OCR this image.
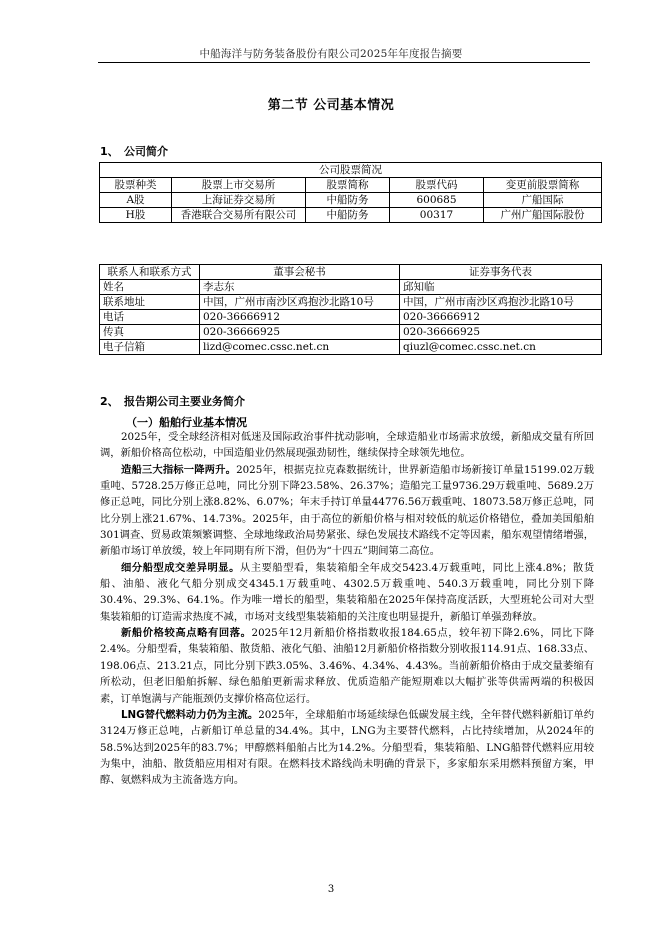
中船海洋与防务装备股份有限公司2025年年度报告摘要
第二节 公司基本情况
1、 公司简介
公司股票简况				
股票种类	股票上市交易所	股票简称	股票代码	变更前股票简称
A股	上海证券交易所	中船防务	600685	广船国际
H股	香港联合交易所有限公司	中船防务	00317	广州广船国际股份
联系人和联系方式	董事会秘书	证券事务代表
姓名	李志东	邱知临
联系地址	中国，广州市南沙区鸡抱沙北路10号	中国，广州市南沙区鸡抱沙北路10号
电话	020-36666912	020-36666912
传真	020-36666925	020-36666925
电子信箱	lizd@comec.cssc.net.cn	qiuzl@comec.cssc.net.cn
2、 报告期公司主要业务简介
（一）船舶行业基本情况

2025年，受全球经济相对低迷及国际政治事件扰动影响，全球造船业市场需求放缓，新船成交量有所回调，新船价格高位松动，中国造船业仍然展现强劲韧性，继续保持全球领先地位。

造船三大指标一降两升。2025年，根据克拉克森数据统计，世界新造船市场新接订单量15199.02万载重吨、5728.25万修正总吨，同比分别下降23.58%、26.37%；造船完工量9736.29万载重吨、5689.2万修正总吨，同比分别上涨8.82%、6.07%；年末手持订单量44776.56万载重吨、18073.58万修正总吨，同比分别上涨21.67%、14.73%。2025年，由于高位的新船价格与相对较低的航运价格错位，叠加美国船舶301调查、贸易政策频繁调整、全球地缘政治局势紧张、绿色发展技术路线不定等因素，船东观望情绪增强，新船市场订单放缓，较上年同期有所下滑，但仍为“十四五”期间第二高位。

细分船型成交差异明显。从主要船型看，集装箱船全年成交5423.4万载重吨，同比上涨4.8%；散货船、油船、液化气船分别成交4345.1万载重吨、4302.5万载重吨、540.3万载重吨，同比分别下降30.4%、29.3%、64.1%。作为唯一增长的船型，集装箱船在2025年保持高度活跃，大型班轮公司对大型集装箱船的订造需求热度不减，市场对支线型集装箱船的关注度也明显提升，新船订单强劲释放。

新船价格较高点略有回落。2025年12月新船价格指数收报184.65点，较年初下降2.6%，同比下降2.4%。分船型看，集装箱船、散货船、液化气船、油船12月新船价格指数分别收报114.91点、168.33点、198.06点、213.21点，同比分别下跌3.05%、3.46%、4.34%、4.43%。当前新船价格由于成交量萎缩有所松动，但老旧船舶拆解、绿色船舶更新需求释放、优质造船产能短期难以大幅扩张等供需两端的积极因素，订单饱满与产能瓶颈仍支撑价格高位运行。

LNG替代燃料动力仍为主流。2025年，全球船舶市场延续绿色低碳发展主线，全年替代燃料新船订单约3124万修正总吨，占新船订单总量的34.4%。其中，LNG为主要替代燃料，占比持续增加，从2024年的58.5%达到2025年的83.7%；甲醇燃料船舶占比为14.2%。分船型看，集装箱船、LNG船替代燃料应用较为集中，油船、散货船应用相对有限。在燃料技术路线尚未明确的背景下，多家船东采用燃料预留方案，甲醇、氨燃料成为主流备选方向。

3
